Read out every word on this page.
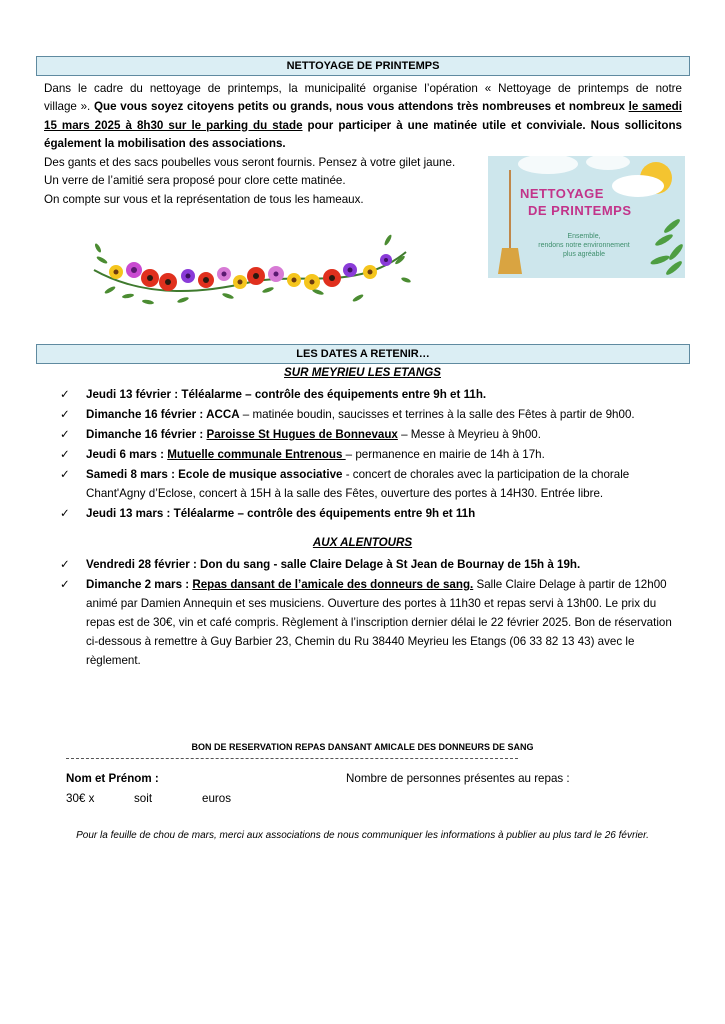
NETTOYAGE DE PRINTEMPS
Dans le cadre du nettoyage de printemps, la municipalité organise l’opération « Nettoyage de printemps de notre
village ». Que vous soyez citoyens petits ou grands, nous vous attendons très nombreuses et nombreux le samedi
15 mars 2025 à 8h30 sur le parking du stade pour participer à une matinée utile et conviviale. Nous sollicitons
également la mobilisation des associations.
Des gants et des sacs poubelles vous seront fournis. Pensez à votre gilet jaune.
Un verre de l’amitié sera proposé pour clore cette matinée.
On compte sur vous et la représentation de tous les hameaux.	NETTOYAGE
DE PRINTEMPS
Ensemble,
rendons notre environnement
plus agréable
LES DATES A RETENIR…
SUR MEYRIEU LES ETANGS
✓ Jeudi 13 février : Téléalarme – contrôle des équipements entre 9h et 11h.
✓ Dimanche 16 février : ACCA – matinée boudin, saucisses et terrines à la salle des Fêtes à partir de 9h00.
✓ Dimanche 16 février : Paroisse St Hugues de Bonnevaux – Messe à Meyrieu à 9h00.
✓ Jeudi 6 mars : Mutuelle communale Entrenous – permanence en mairie de 14h à 17h.
✓ Samedi 8 mars : Ecole de musique associative - concert de chorales avec la participation de la chorale Chant'Agny d’Eclose, concert à 15H à la salle des Fêtes, ouverture des portes à 14H30. Entrée libre.
✓ Jeudi 13 mars : Téléalarme – contrôle des équipements entre 9h et 11h
AUX ALENTOURS
✓ Vendredi 28 février : Don du sang - salle Claire Delage à St Jean de Bournay de 15h à 19h.
✓ Dimanche 2 mars : Repas dansant de l’amicale des donneurs de sang. Salle Claire Delage à partir de 12h00 animé par Damien Annequin et ses musiciens. Ouverture des portes à 11h30 et repas servi à 13h00. Le prix du repas est de 30€, vin et café compris. Règlement à l’inscription dernier délai le 22 février 2025. Bon de réservation ci-dessous à remettre à Guy Barbier 23, Chemin du Ru 38440 Meyrieu les Etangs (06 33 82 13 43) avec le règlement.
BON DE RESERVATION REPAS DANSANT AMICALE DES DONNEURS DE SANG
Nom et Prénom :	Nombre de personnes présentes au repas :
30€ x	soit	euros
Pour la feuille de chou de mars, merci aux associations de nous communiquer les informations à publier au plus tard le 26 février.
